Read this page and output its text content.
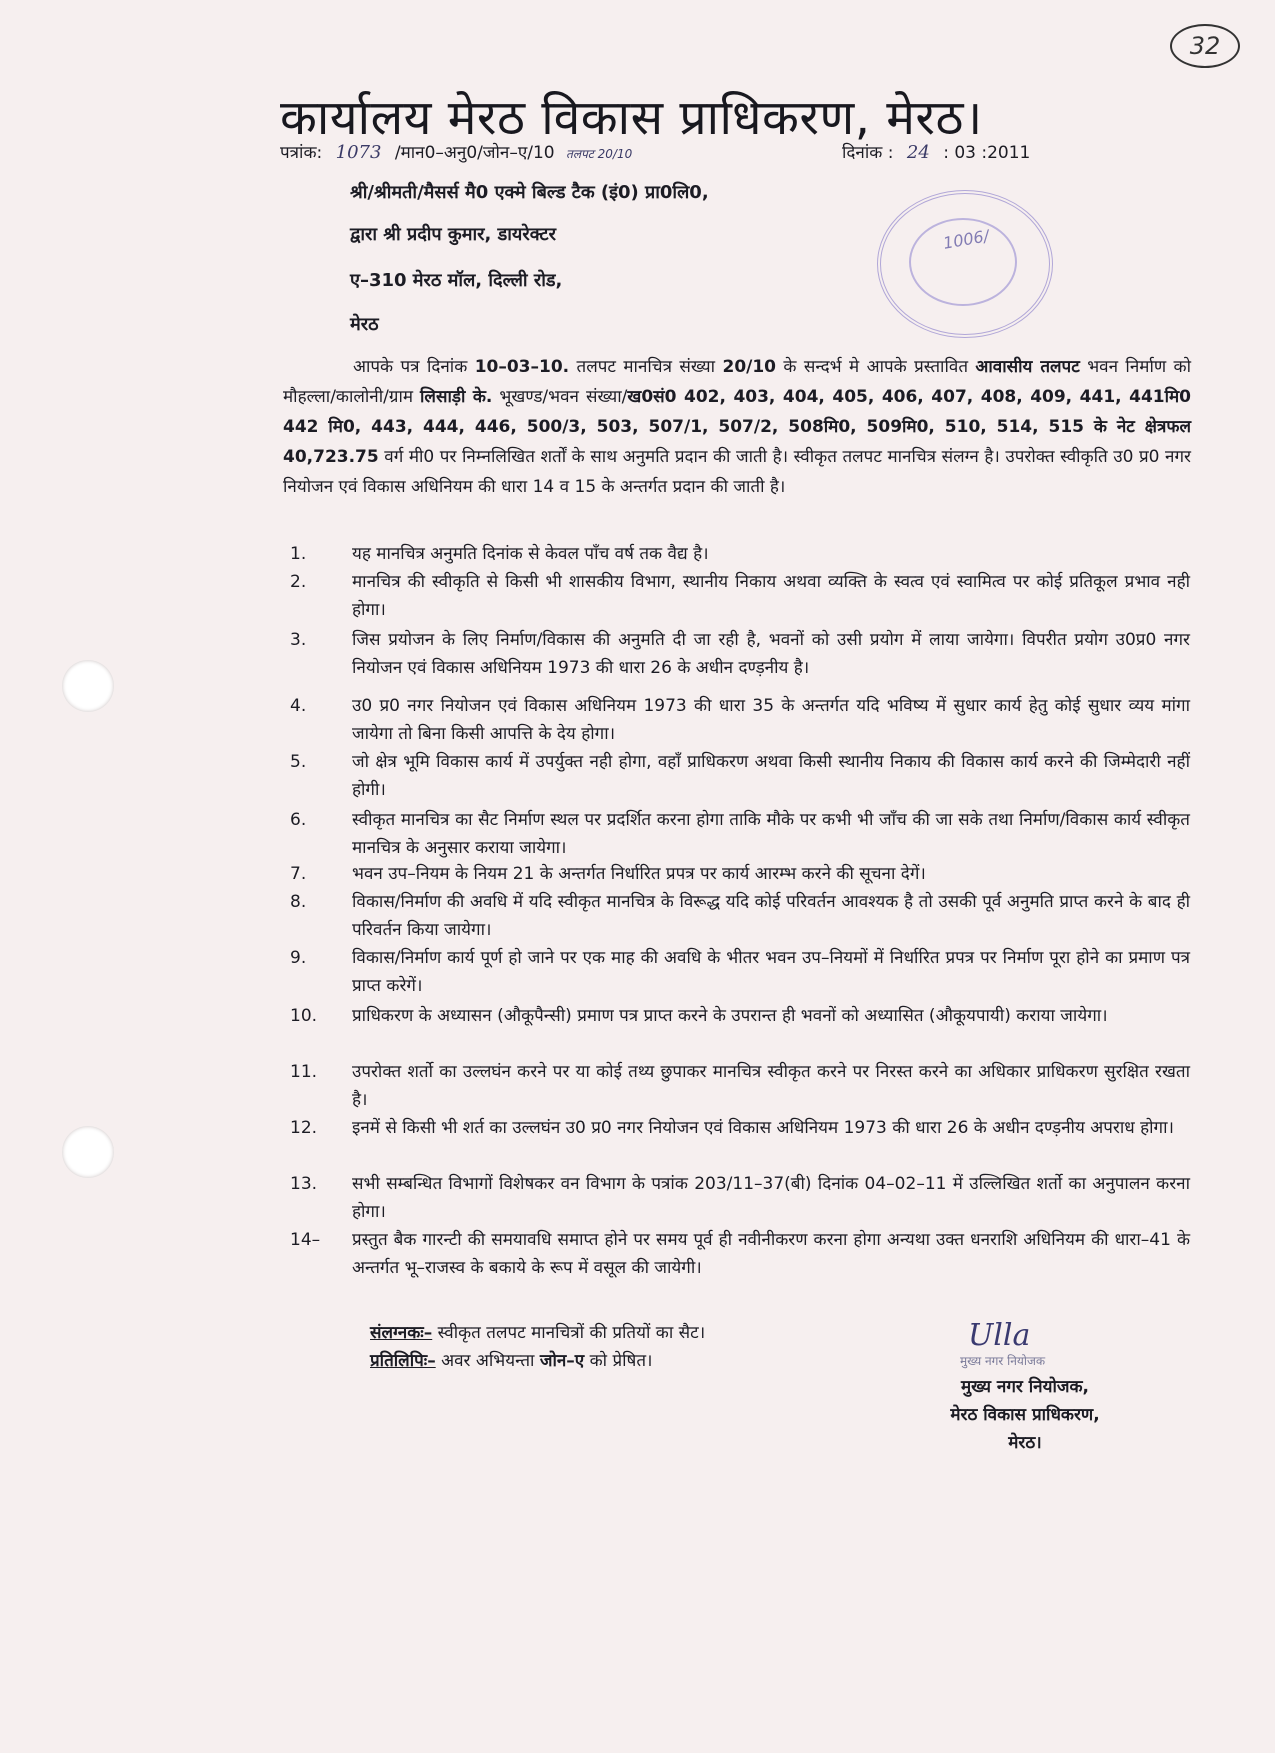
32
कार्यालय मेरठ विकास प्राधिकरण, मेरठ।
पत्रांक: 1073 /मान0–अनु0/जोन–ए/10 तलपट 20/10	दिनांक : 24 : 03 :2011
श्री/श्रीमती/मैसर्स मै0 एक्मे बिल्ड टैक (इं0) प्रा0लि0,
द्वारा श्री प्रदीप कुमार, डायरेक्टर
ए–310 मेरठ मॉल, दिल्ली रोड,
मेरठ
1006/
आपके पत्र दिनांक 10–03–10. तलपट मानचित्र संख्या 20/10 के सन्दर्भ मे आपके प्रस्तावित आवासीय तलपट भवन निर्माण को मौहल्ला/कालोनी/ग्राम लिसाड़ी के. भूखण्ड/भवन संख्या/ख0सं0 402, 403, 404, 405, 406, 407, 408, 409, 441, 441मि0 442 मि0, 443, 444, 446, 500/3, 503, 507/1, 507/2, 508मि0, 509मि0, 510, 514, 515 के नेट क्षेत्रफल 40,723.75 वर्ग मी0 पर निम्नलिखित शर्तों के साथ अनुमति प्रदान की जाती है। स्वीकृत तलपट मानचित्र संलग्न है। उपरोक्त स्वीकृति उ0 प्र0 नगर नियोजन एवं विकास अधिनियम की धारा 14 व 15 के अन्तर्गत प्रदान की जाती है।
1.	यह मानचित्र अनुमति दिनांक से केवल पाँच वर्ष तक वैद्य है।
2.	मानचित्र की स्वीकृति से किसी भी शासकीय विभाग, स्थानीय निकाय अथवा व्यक्ति के स्वत्व एवं स्वामित्व पर कोई प्रतिकूल प्रभाव नही होगा।
3.	जिस प्रयोजन के लिए निर्माण/विकास की अनुमति दी जा रही है, भवनों को उसी प्रयोग में लाया जायेगा। विपरीत प्रयोग उ0प्र0 नगर नियोजन एवं विकास अधिनियम 1973 की धारा 26 के अधीन दण्ड़नीय है।
4.	उ0 प्र0 नगर नियोजन एवं विकास अधिनियम 1973 की धारा 35 के अन्तर्गत यदि भविष्य में सुधार कार्य हेतु कोई सुधार व्यय मांगा जायेगा तो बिना किसी आपत्ति के देय होगा।
5.	जो क्षेत्र भूमि विकास कार्य में उपर्युक्त नही होगा, वहाँ प्राधिकरण अथवा किसी स्थानीय निकाय की विकास कार्य करने की जिम्मेदारी नहीं होगी।
6.	स्वीकृत मानचित्र का सैट निर्माण स्थल पर प्रदर्शित करना होगा ताकि मौके पर कभी भी जाँच की जा सके तथा निर्माण/विकास कार्य स्वीकृत मानचित्र के अनुसार कराया जायेगा।
7.	भवन उप–नियम के नियम 21 के अन्तर्गत निर्धारित प्रपत्र पर कार्य आरम्भ करने की सूचना देगें।
8.	विकास/निर्माण की अवधि में यदि स्वीकृत मानचित्र के विरूद्ध यदि कोई परिवर्तन आवश्यक है तो उसकी पूर्व अनुमति प्राप्त करने के बाद ही परिवर्तन किया जायेगा।
9.	विकास/निर्माण कार्य पूर्ण हो जाने पर एक माह की अवधि के भीतर भवन उप–नियमों में निर्धारित प्रपत्र पर निर्माण पूरा होने का प्रमाण पत्र प्राप्त करेगें।
10.	प्राधिकरण के अध्यासन (औकूपैन्सी) प्रमाण पत्र प्राप्त करने के उपरान्त ही भवनों को अध्यासित (औकूयपायी) कराया जायेगा।
11.	उपरोक्त शर्तो का उल्लघंन करने पर या कोई तथ्य छुपाकर मानचित्र स्वीकृत करने पर निरस्त करने का अधिकार प्राधिकरण सुरक्षित रखता है।
12.	इनमें से किसी भी शर्त का उल्लघंन उ0 प्र0 नगर नियोजन एवं विकास अधिनियम 1973 की धारा 26 के अधीन दण्ड़नीय अपराध होगा।
13.	सभी सम्बन्धित विभागों विशेषकर वन विभाग के पत्रांक 203/11–37(बी) दिनांक 04–02–11 में उल्लिखित शर्तो का अनुपालन करना होगा।
14–	प्रस्तुत बैक गारन्टी की समयावधि समाप्त होने पर समय पूर्व ही नवीनीकरण करना होगा अन्यथा उक्त धनराशि अधिनियम की धारा–41 के अन्तर्गत भू–राजस्व के बकाये के रूप में वसूल की जायेगी।
संलग्नकः– स्वीकृत तलपट मानचित्रों की प्रतियों का सैट।
प्रतिलिपिः– अवर अभियन्ता जोन–ए को प्रेषित।
Ulla
मुख्य नगर नियोजक
मुख्य नगर नियोजक,
मेरठ विकास प्राधिकरण,
मेरठ।
